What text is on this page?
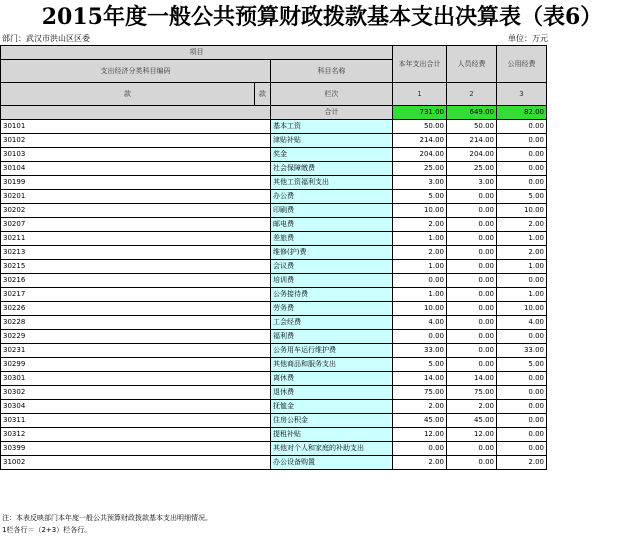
2015年度一般公共预算财政拨款基本支出决算表（表6）
部门：武汉市洪山区区委	单位：万元
项目			本年支出合计	人员经费	公用经费
支出经济分类科目编码		科目名称			
款	款				
		栏次	1	2	3
		合计	731.00	649.00	82.00
30101		基本工资	50.00	50.00	0.00
30102		津贴补贴	214.00	214.00	0.00
30103		奖金	204.00	204.00	0.00
30104		社会保障缴费	25.00	25.00	0.00
30199		其他工资福利支出	3.00	3.00	0.00
30201		办公费	5.00	0.00	5.00
30202		印刷费	10.00	0.00	10.00
30207		邮电费	2.00	0.00	2.00
30211		差旅费	1.00	0.00	1.00
30213		维修(护)费	2.00	0.00	2.00
30215		会议费	1.00	0.00	1.00
30216		培训费	0.00	0.00	0.00
30217		公务接待费	1.00	0.00	1.00
30226		劳务费	10.00	0.00	10.00
30228		工会经费	4.00	0.00	4.00
30229		福利费	0.00	0.00	0.00
30231		公务用车运行维护费	33.00	0.00	33.00
30299		其他商品和服务支出	5.00	0.00	5.00
30301		离休费	14.00	14.00	0.00
30302		退休费	75.00	75.00	0.00
30304		抚恤金	2.00	2.00	0.00
30311		住房公积金	45.00	45.00	0.00
30312		提租补贴	12.00	12.00	0.00
30399		其他对个人和家庭的补助支出	0.00	0.00	0.00
31002		办公设备购置	2.00	0.00	2.00
注：本表反映部门本年度一般公共预算财政拨款基本支出明细情况。
1栏各行＝（2+3）栏各行。
